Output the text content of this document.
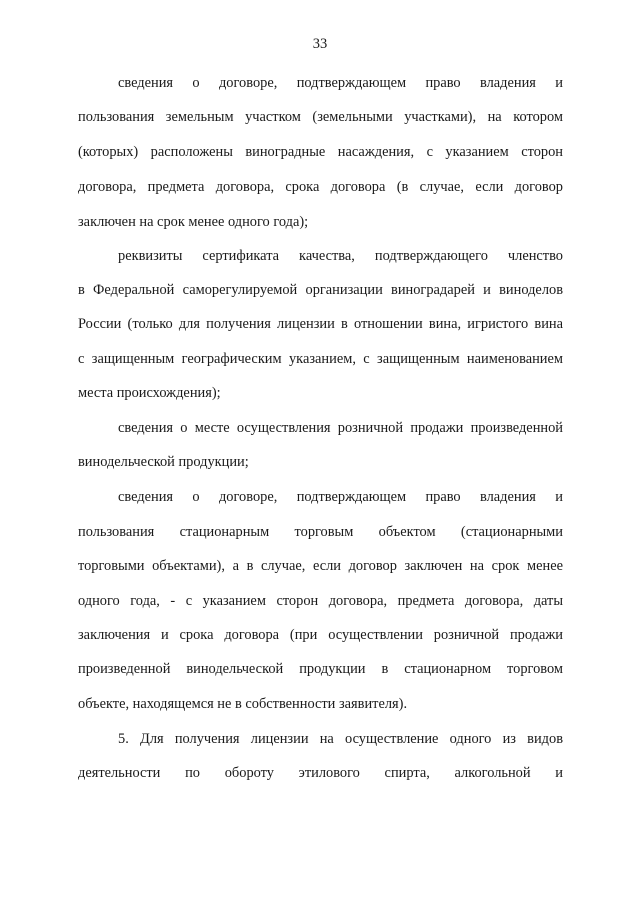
33
сведения о договоре, подтверждающем право владения и
пользования земельным участком (земельными участками), на котором
(которых) расположены виноградные насаждения, с указанием сторон
договора, предмета договора, срока договора (в случае, если договор
заключен на срок менее одного года);
реквизиты сертификата качества, подтверждающего членство
в Федеральной саморегулируемой организации виноградарей и виноделов
России (только для получения лицензии в отношении вина, игристого вина
с защищенным географическим указанием, с защищенным наименованием
места происхождения);
сведения о месте осуществления розничной продажи произведенной
винодельческой продукции;
сведения о договоре, подтверждающем право владения и
пользования стационарным торговым объектом (стационарными
торговыми объектами), а в случае, если договор заключен на срок менее
одного года, - с указанием сторон договора, предмета договора, даты
заключения и срока договора (при осуществлении розничной продажи
произведенной винодельческой продукции в стационарном торговом
объекте, находящемся не в собственности заявителя).
5. Для получения лицензии на осуществление одного из видов
деятельности по обороту этилового спирта, алкогольной и
